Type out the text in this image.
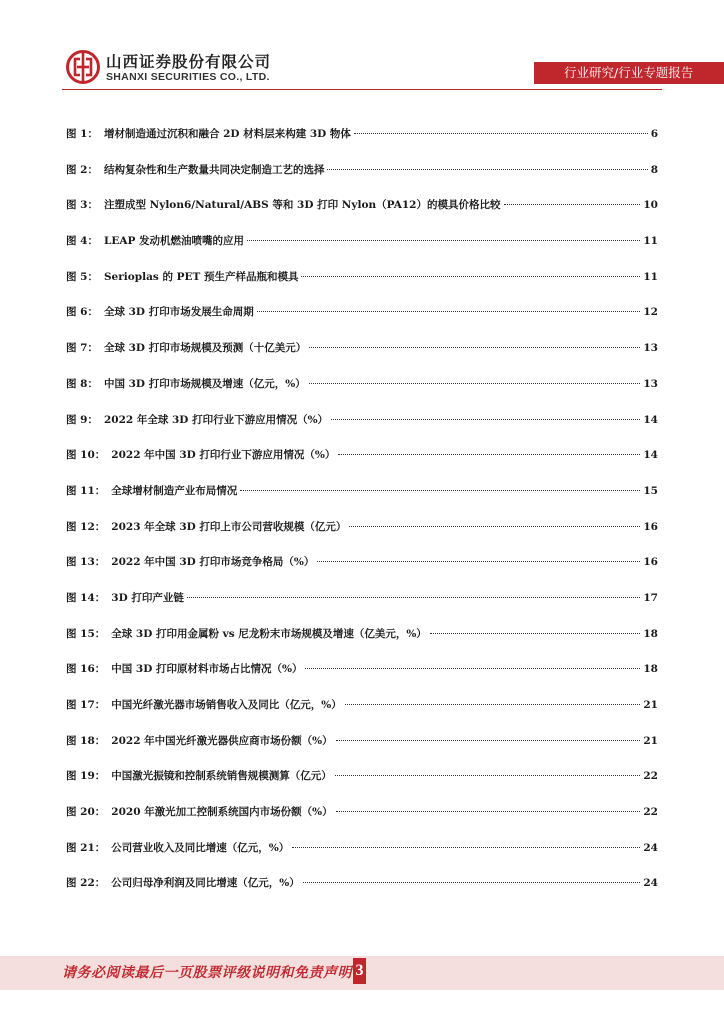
山西证券股份有限公司
SHANXI SECURITIES CO., LTD.	行业研究/行业专题报告
图 1： 增材制造通过沉积和融合 2D 材料层来构建 3D 物体	6
图 2： 结构复杂性和生产数量共同决定制造工艺的选择	8
图 3： 注塑成型 Nylon6/Natural/ABS 等和 3D 打印 Nylon（PA12）的模具价格比较	10
图 4： LEAP 发动机燃油喷嘴的应用	11
图 5： Serioplas 的 PET 预生产样品瓶和模具	11
图 6： 全球 3D 打印市场发展生命周期	12
图 7： 全球 3D 打印市场规模及预测（十亿美元）	13
图 8： 中国 3D 打印市场规模及增速（亿元，%）	13
图 9： 2022 年全球 3D 打印行业下游应用情况（%）	14
图 10： 2022 年中国 3D 打印行业下游应用情况（%）	14
图 11： 全球增材制造产业布局情况	15
图 12： 2023 年全球 3D 打印上市公司营收规模（亿元）	16
图 13： 2022 年中国 3D 打印市场竞争格局（%）	16
图 14： 3D 打印产业链	17
图 15： 全球 3D 打印用金属粉 vs 尼龙粉末市场规模及增速（亿美元，%）	18
图 16： 中国 3D 打印原材料市场占比情况（%）	18
图 17： 中国光纤激光器市场销售收入及同比（亿元，%）	21
图 18： 2022 年中国光纤激光器供应商市场份额（%）	21
图 19： 中国激光振镜和控制系统销售规模测算（亿元）	22
图 20： 2020 年激光加工控制系统国内市场份额（%）	22
图 21： 公司营业收入及同比增速（亿元，%）	24
图 22： 公司归母净利润及同比增速（亿元，%）	24
请务必阅读最后一页股票评级说明和免责声明 3
